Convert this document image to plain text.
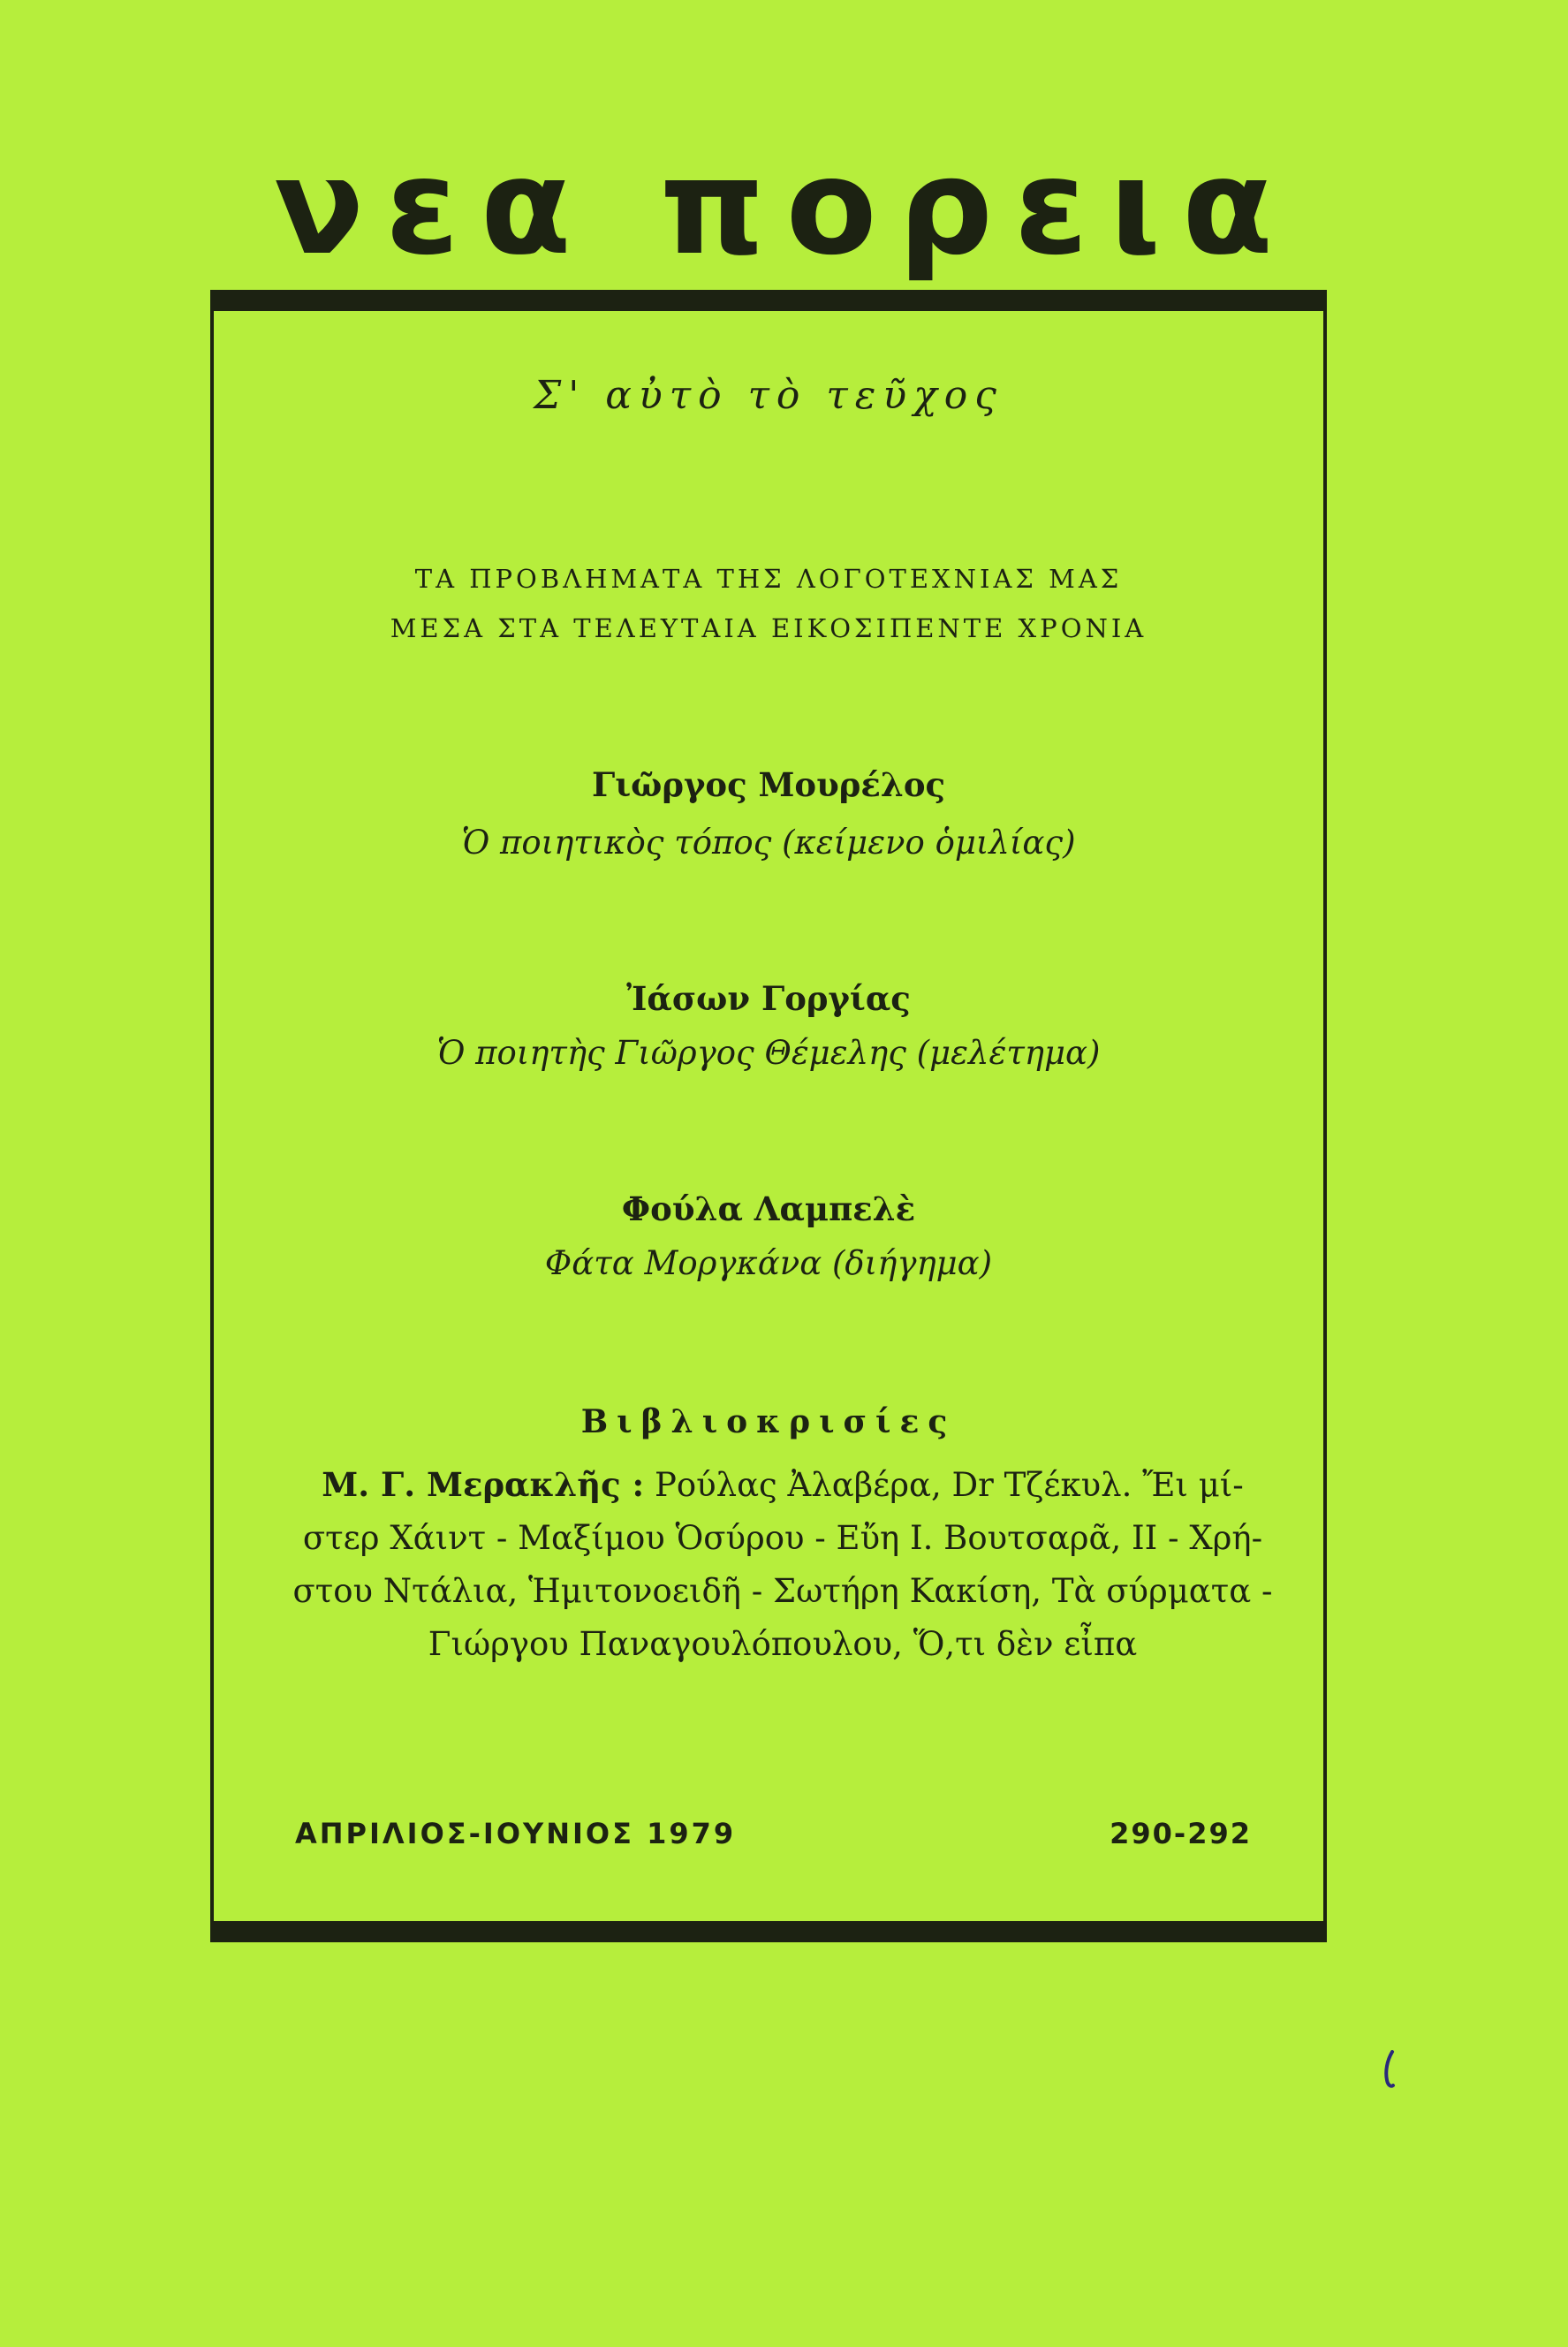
νεα πορεια
Σ' αὐτὸ τὸ τεῦχος
ΤΑ ΠΡΟΒΛΗΜΑΤΑ ΤΗΣ ΛΟΓΟΤΕΧΝΙΑΣ ΜΑΣ
ΜΕΣΑ ΣΤΑ ΤΕΛΕΥΤΑΙΑ ΕΙΚΟΣΙΠΕΝΤΕ ΧΡΟΝΙΑ
Γιῶργος Μουρέλος
Ὁ ποιητικὸς τόπος (κείμενο ὁμιλίας)
Ἰάσων Γοργίας
Ὁ ποιητὴς Γιῶργος Θέμελης (μελέτημα)
Φούλα Λαμπελὲ
Φάτα Μοργκάνα (διήγημα)
Βιβλιοκρισίες
Μ. Γ. Μερακλῆς : Ρούλας Ἀλαβέρα, Dr Τζέκυλ. Ἔι μί-
στερ Χάιντ - Μαξίμου Ὁσύρου - Εὔη Ι. Βουτσαρᾶ, ΙΙ - Χρή-
στου Ντάλια, Ἡμιτονοειδῆ - Σωτήρη Κακίση, Τὰ σύρματα -
Γιώργου Παναγουλόπουλου, Ὅ,τι δὲν εἶπα
ΑΠΡΙΛΙΟΣ-ΙΟΥΝΙΟΣ 1979	290-292
